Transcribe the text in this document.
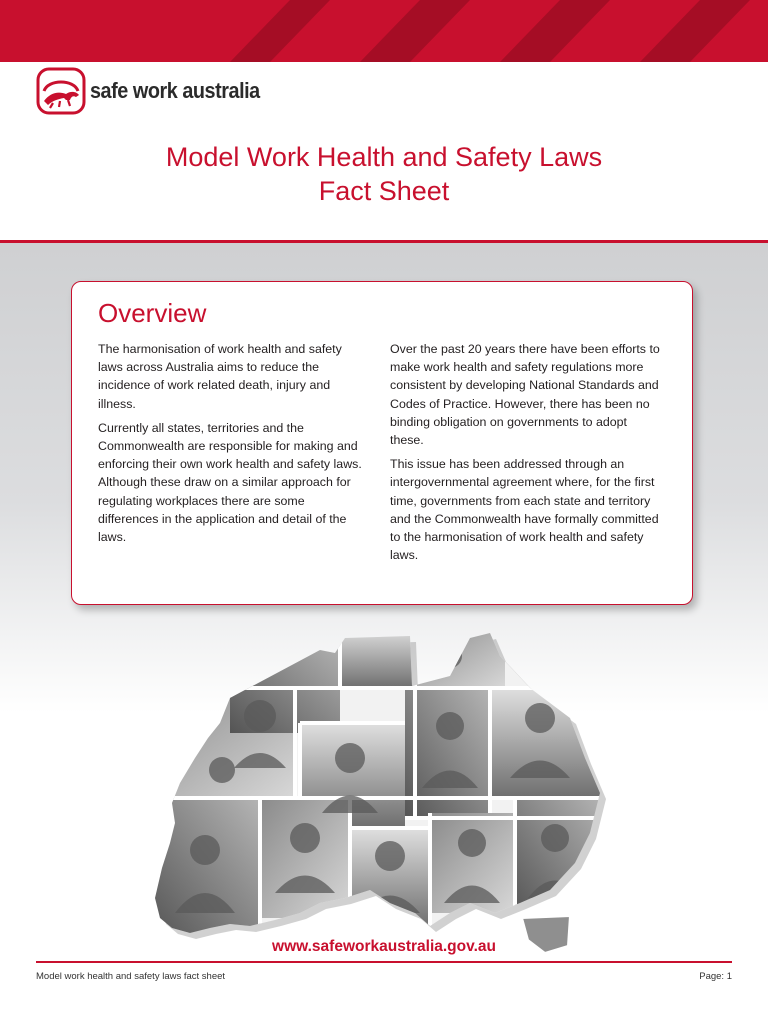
safe work australia
Model Work Health and Safety Laws
Fact Sheet
Overview

The harmonisation of work health and safety laws across Australia aims to reduce the incidence of work related death, injury and illness.

Currently all states, territories and the Commonwealth are responsible for making and enforcing their own work health and safety laws. Although these draw on a similar approach for regulating workplaces there are some differences in the application and detail of the laws.

Over the past 20 years there have been efforts to make work health and safety regulations more consistent by developing National Standards and Codes of Practice. However, there has been no binding obligation on governments to adopt these.

This issue has been addressed through an intergovernmental agreement where, for the first time, governments from each state and territory and the Commonwealth have formally committed to the harmonisation of work health and safety laws.

www.safeworkaustralia.gov.au
Model work health and safety laws fact sheet	Page: 1
